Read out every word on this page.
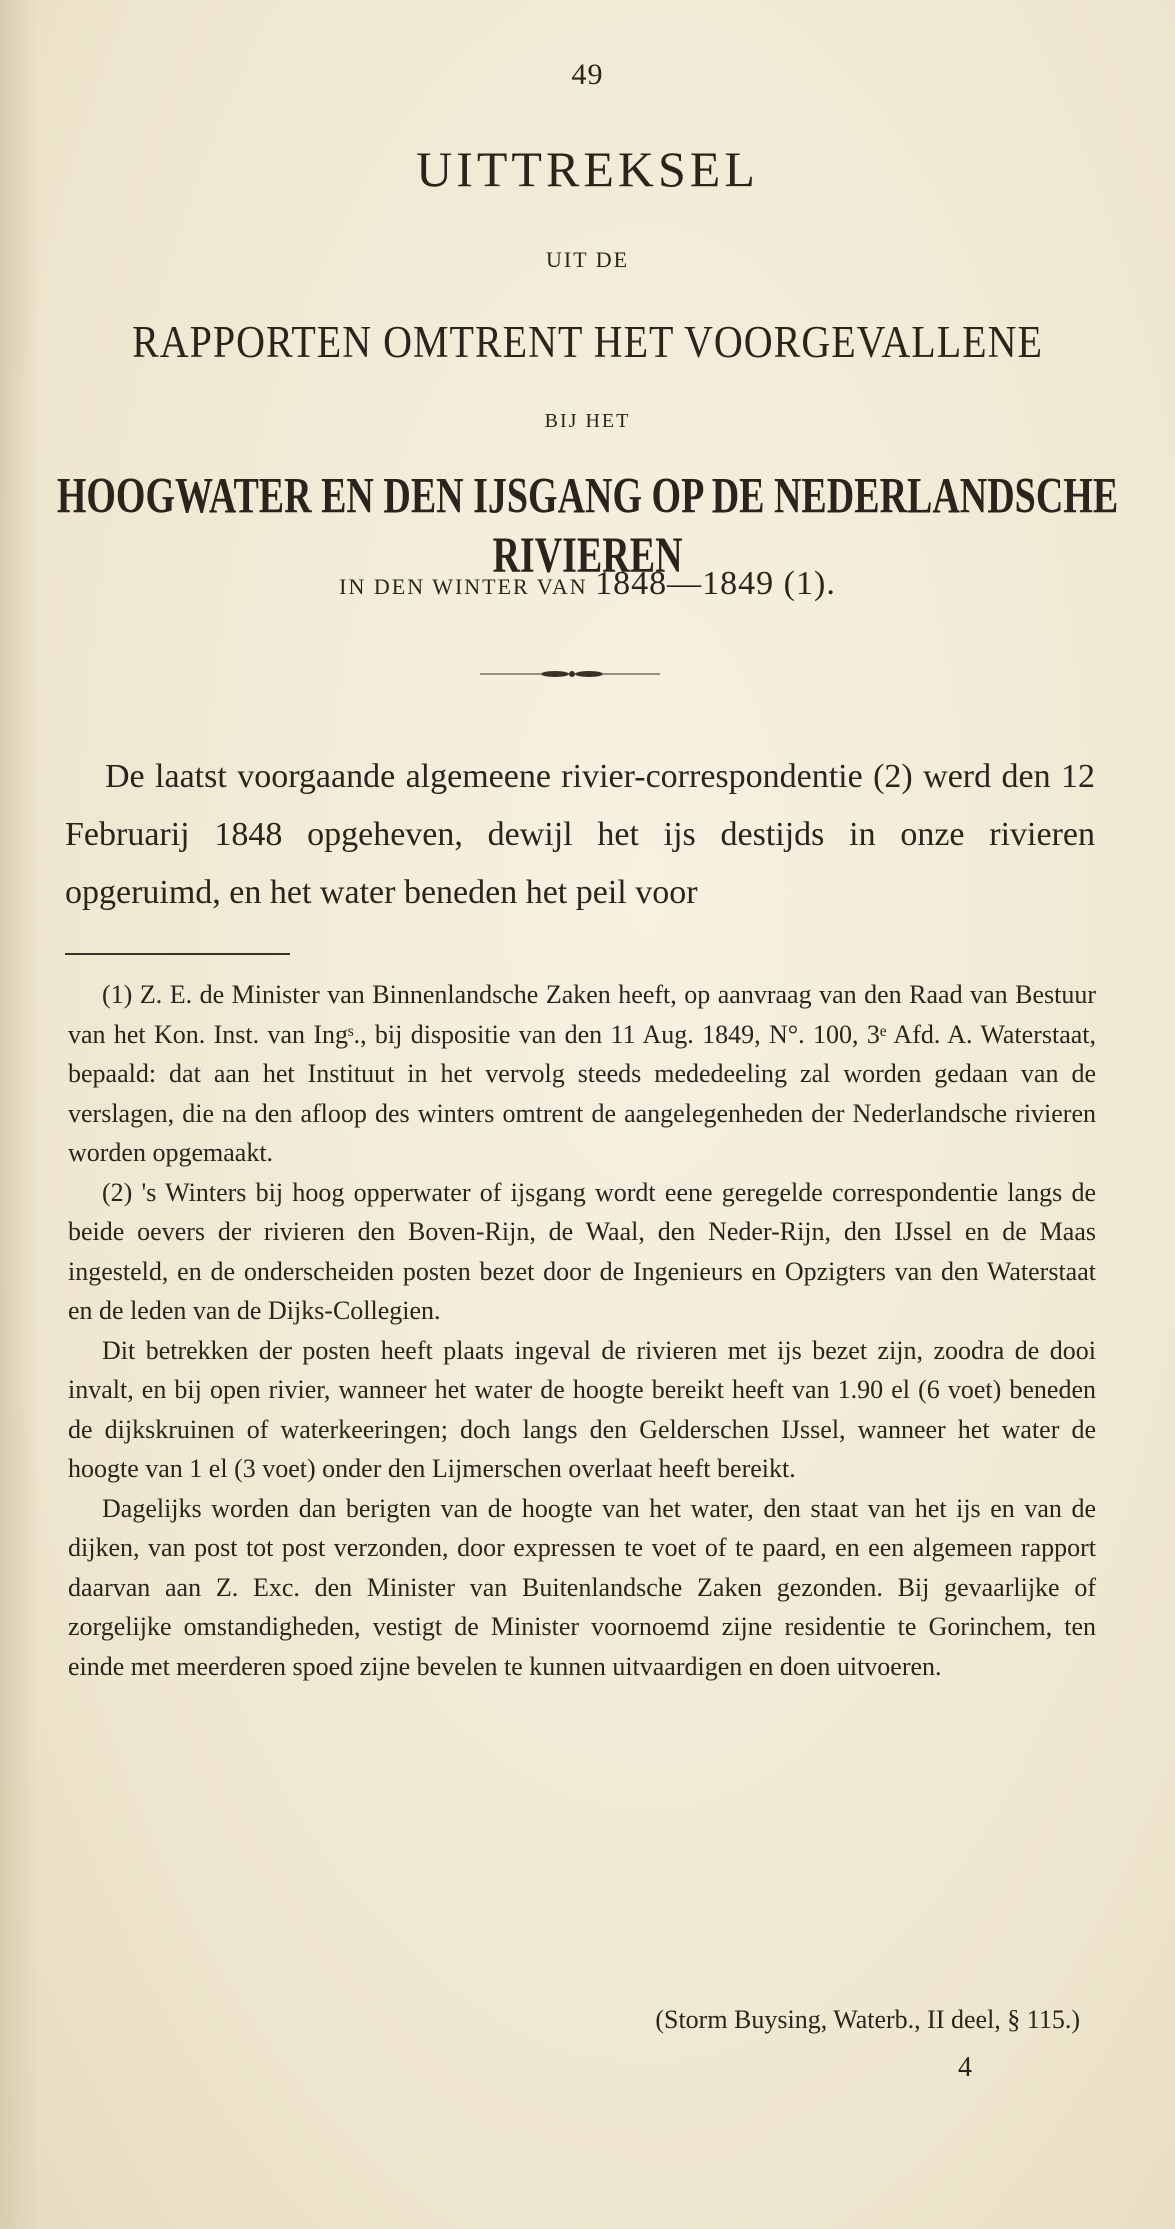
49
UITTREKSEL
UIT DE
RAPPORTEN OMTRENT HET VOORGEVALLENE
BIJ HET
HOOGWATER EN DEN IJSGANG OP DE NEDERLANDSCHE RIVIEREN
IN DEN WINTER VAN 1848—1849 (1).

De laatst voorgaande algemeene rivier-correspondentie (2) werd den 12 Februarij 1848 opgeheven, dewijl het ijs destijds in onze rivieren opgeruimd, en het water beneden het peil voor

(1) Z. E. de Minister van Binnenlandsche Zaken heeft, op aanvraag van den Raad van Bestuur van het Kon. Inst. van Ingˢ., bij dispositie van den 11 Aug. 1849, N°. 100, 3ᵉ Afd. A. Waterstaat, bepaald: dat aan het Instituut in het vervolg steeds mededeeling zal worden gedaan van de verslagen, die na den afloop des winters omtrent de aangelegenheden der Nederlandsche rivieren worden opgemaakt.

(2) 's Winters bij hoog opperwater of ijsgang wordt eene geregelde correspondentie langs de beide oevers der rivieren den Boven-Rijn, de Waal, den Neder-Rijn, den IJssel en de Maas ingesteld, en de onderscheiden posten bezet door de Ingenieurs en Opzigters van den Waterstaat en de leden van de Dijks-Collegien.

Dit betrekken der posten heeft plaats ingeval de rivieren met ijs bezet zijn, zoodra de dooi invalt, en bij open rivier, wanneer het water de hoogte bereikt heeft van 1.90 el (6 voet) beneden de dijkskruinen of waterkeeringen; doch langs den Gelderschen IJssel, wanneer het water de hoogte van 1 el (3 voet) onder den Lijmerschen overlaat heeft bereikt.

Dagelijks worden dan berigten van de hoogte van het water, den staat van het ijs en van de dijken, van post tot post verzonden, door expressen te voet of te paard, en een algemeen rapport daarvan aan Z. Exc. den Minister van Buitenlandsche Zaken gezonden. Bij gevaarlijke of zorgelijke omstandigheden, vestigt de Minister voornoemd zijne residentie te Gorinchem, ten einde met meerderen spoed zijne bevelen te kunnen uitvaardigen en doen uitvoeren.

(Storm Buysing, Waterb., II deel, § 115.)
4
